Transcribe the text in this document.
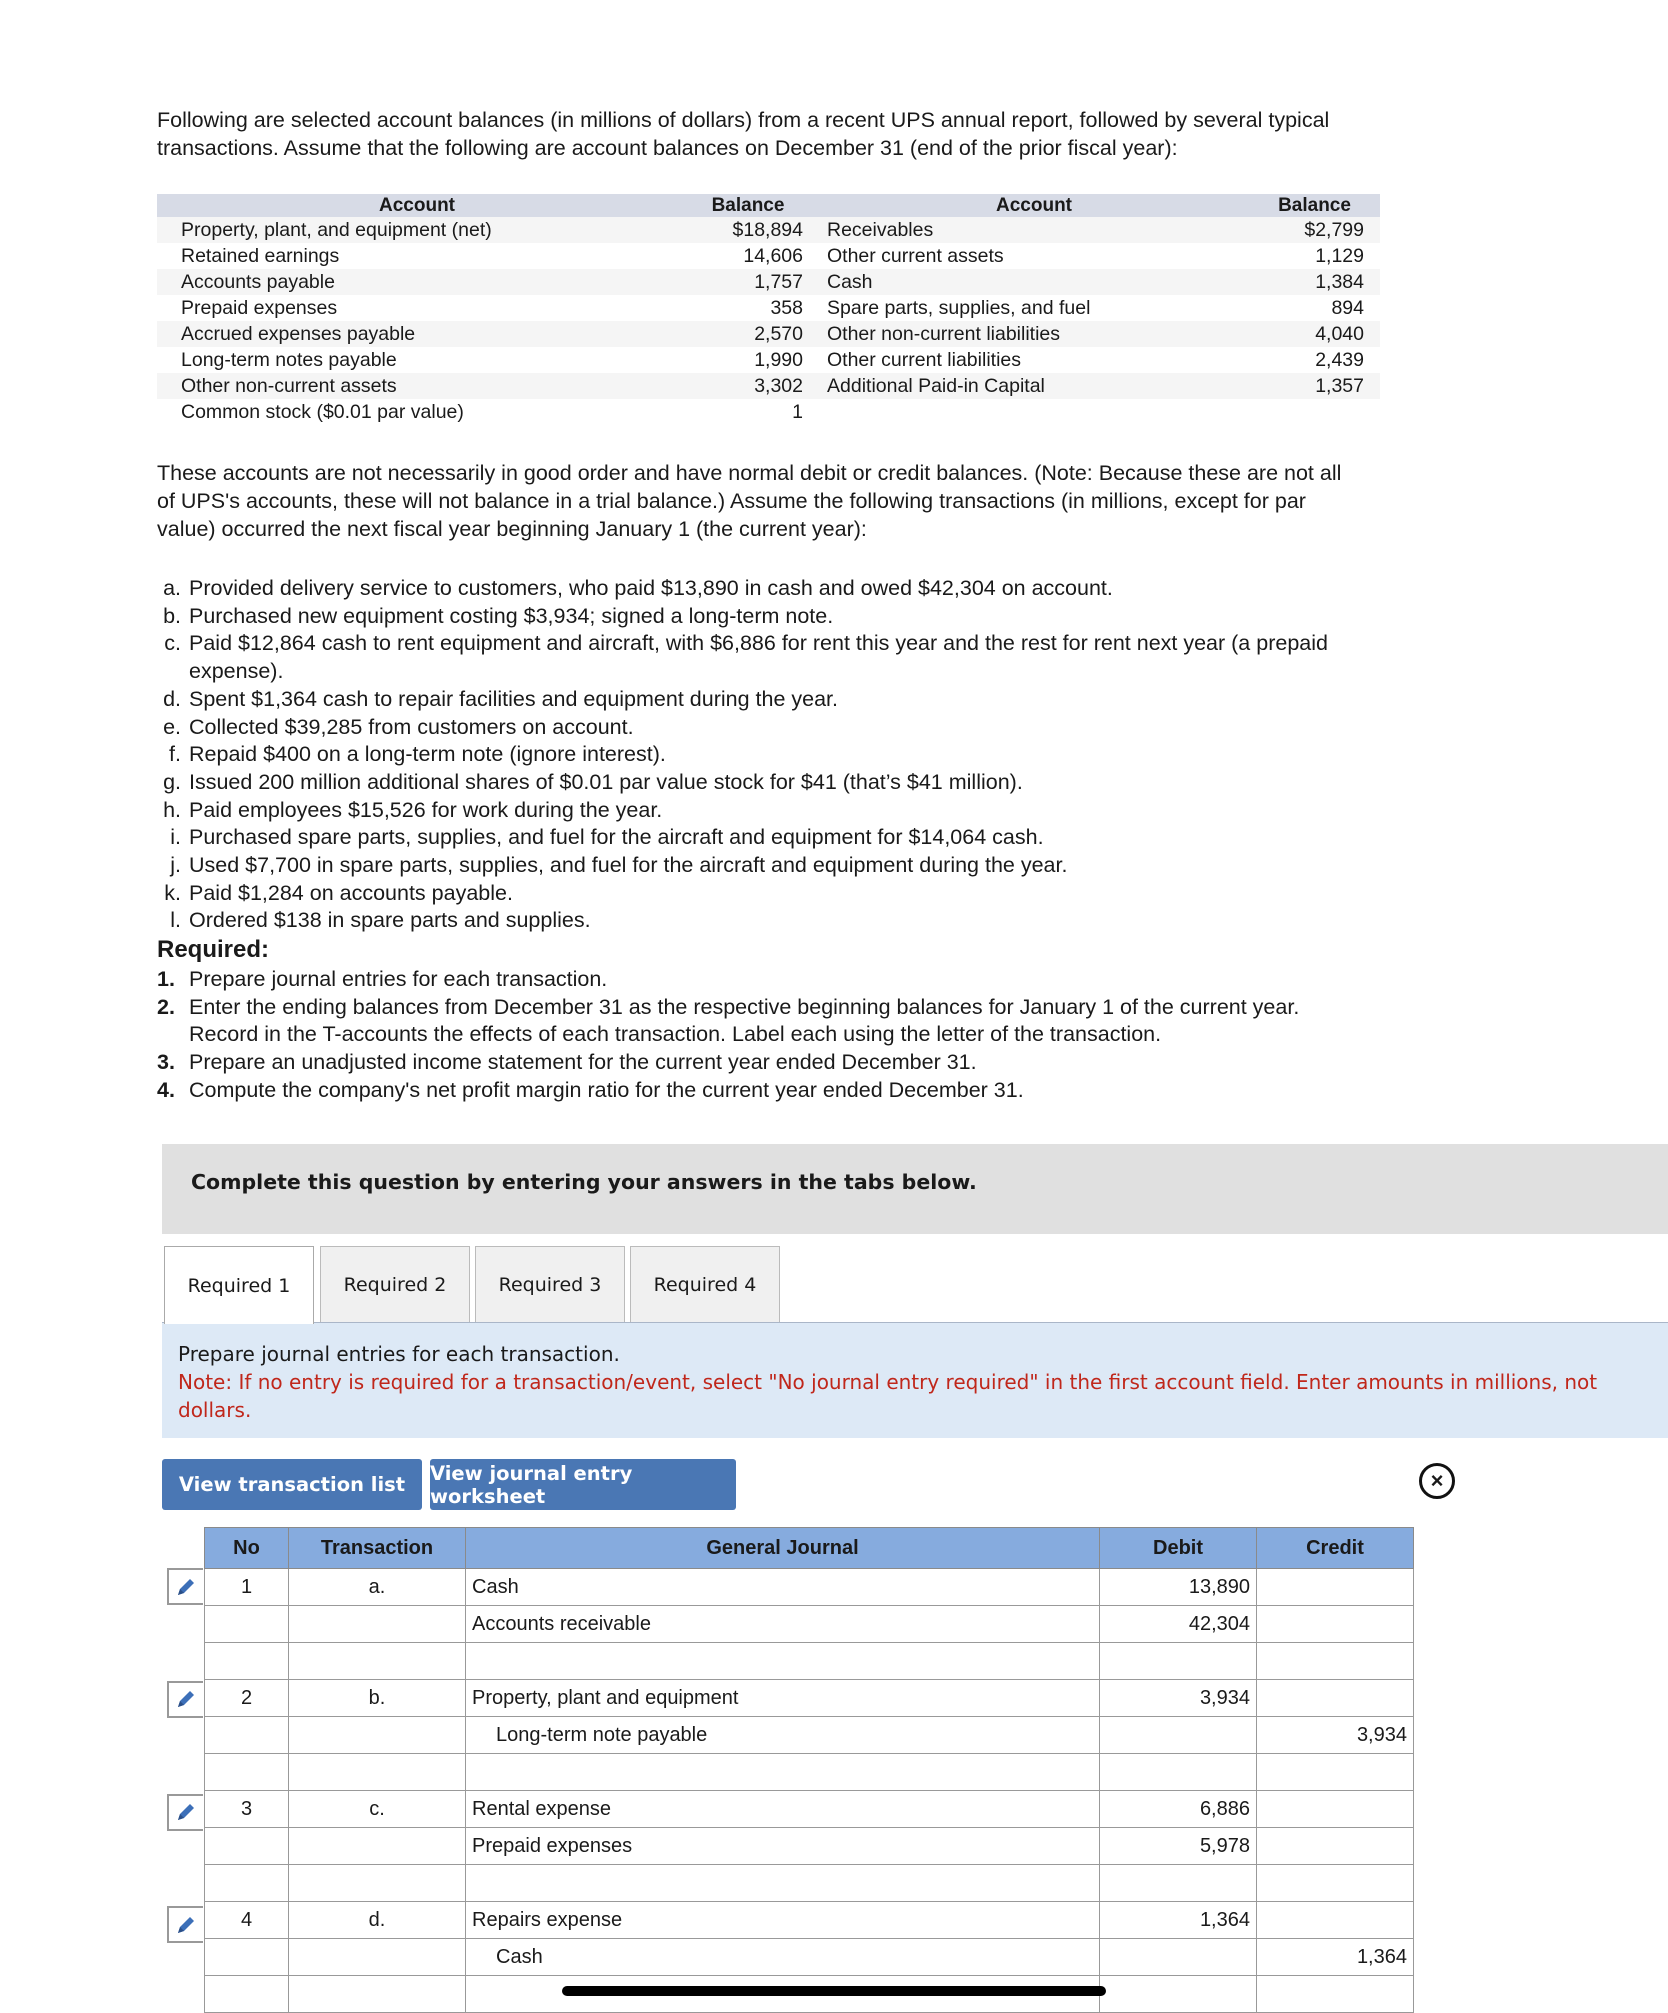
Following are selected account balances (in millions of dollars) from a recent UPS annual report, followed by several typical transactions. Assume that the following are account balances on December 31 (end of the prior fiscal year):
Account	Balance	Account	Balance
Property, plant, and equipment (net)	$18,894	Receivables	$2,799
Retained earnings	14,606	Other current assets	1,129
Accounts payable	1,757	Cash	1,384
Prepaid expenses	358	Spare parts, supplies, and fuel	894
Accrued expenses payable	2,570	Other non-current liabilities	4,040
Long-term notes payable	1,990	Other current liabilities	2,439
Other non-current assets	3,302	Additional Paid-in Capital	1,357
Common stock ($0.01 par value)	1		
These accounts are not necessarily in good order and have normal debit or credit balances. (Note: Because these are not all of UPS's accounts, these will not balance in a trial balance.) Assume the following transactions (in millions, except for par value) occurred the next fiscal year beginning January 1 (the current year):
a. Provided delivery service to customers, who paid $13,890 in cash and owed $42,304 on account.
b. Purchased new equipment costing $3,934; signed a long-term note.
c. Paid $12,864 cash to rent equipment and aircraft, with $6,886 for rent this year and the rest for rent next year (a prepaid expense).
d. Spent $1,364 cash to repair facilities and equipment during the year.
e. Collected $39,285 from customers on account.
f. Repaid $400 on a long-term note (ignore interest).
g. Issued 200 million additional shares of $0.01 par value stock for $41 (that’s $41 million).
h. Paid employees $15,526 for work during the year.
i. Purchased spare parts, supplies, and fuel for the aircraft and equipment for $14,064 cash.
j. Used $7,700 in spare parts, supplies, and fuel for the aircraft and equipment during the year.
k. Paid $1,284 on accounts payable.
l. Ordered $138 in spare parts and supplies.
Required:
1. Prepare journal entries for each transaction.
2. Enter the ending balances from December 31 as the respective beginning balances for January 1 of the current year. Record in the T-accounts the effects of each transaction. Label each using the letter of the transaction.
3. Prepare an unadjusted income statement for the current year ended December 31.
4. Compute the company's net profit margin ratio for the current year ended December 31.
Complete this question by entering your answers in the tabs below.
Required 1	Required 2	Required 3	Required 4
Prepare journal entries for each transaction.
Note: If no entry is required for a transaction/event, select "No journal entry required" in the first account field. Enter amounts in millions, not dollars.
View transaction list	View journal entry worksheet
×
No	Transaction	General Journal	Debit	Credit
1	a.	Cash	13,890	
		Accounts receivable	42,304	

2	b.	Property, plant and equipment	3,934	
		Long-term note payable		3,934

3	c.	Rental expense	6,886	
		Prepaid expenses	5,978	

4	d.	Repairs expense	1,364	
		Cash		1,364
